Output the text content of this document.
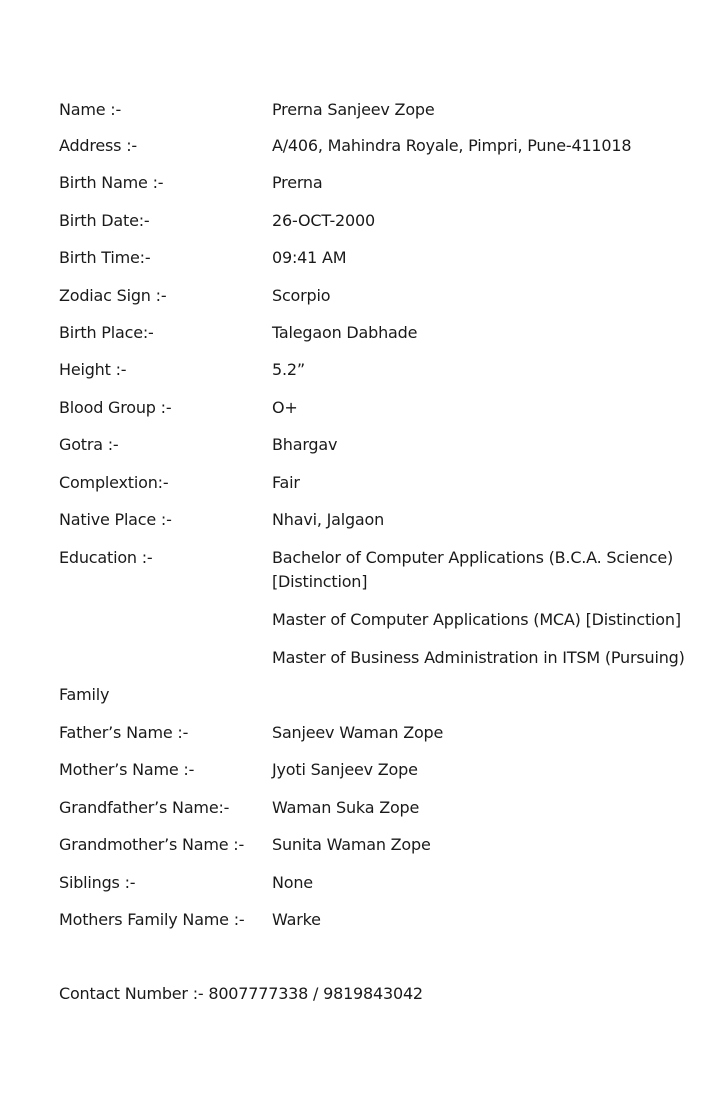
Name :-	Prerna Sanjeev Zope
Address :-	A/406, Mahindra Royale, Pimpri, Pune-411018
Birth Name :-	Prerna
Birth Date:-	26-OCT-2000
Birth Time:-	09:41 AM
Zodiac Sign :-	Scorpio
Birth Place:-	Talegaon Dabhade
Height :-	5.2”
Blood Group :-	O+
Gotra :-	Bhargav
Complextion:-	Fair
Native Place :-	Nhavi, Jalgaon
Education :-	Bachelor of Computer Applications (B.C.A. Science) [Distinction]
Master of Computer Applications (MCA) [Distinction]
Master of Business Administration in ITSM (Pursuing)
Family
Father’s Name :-	Sanjeev Waman Zope
Mother’s Name :-	Jyoti Sanjeev Zope
Grandfather’s Name:-	Waman Suka Zope
Grandmother’s Name :- Sunita Waman Zope
Siblings :-	None
Mothers Family Name :- Warke
Contact Number :- 8007777338 / 9819843042
